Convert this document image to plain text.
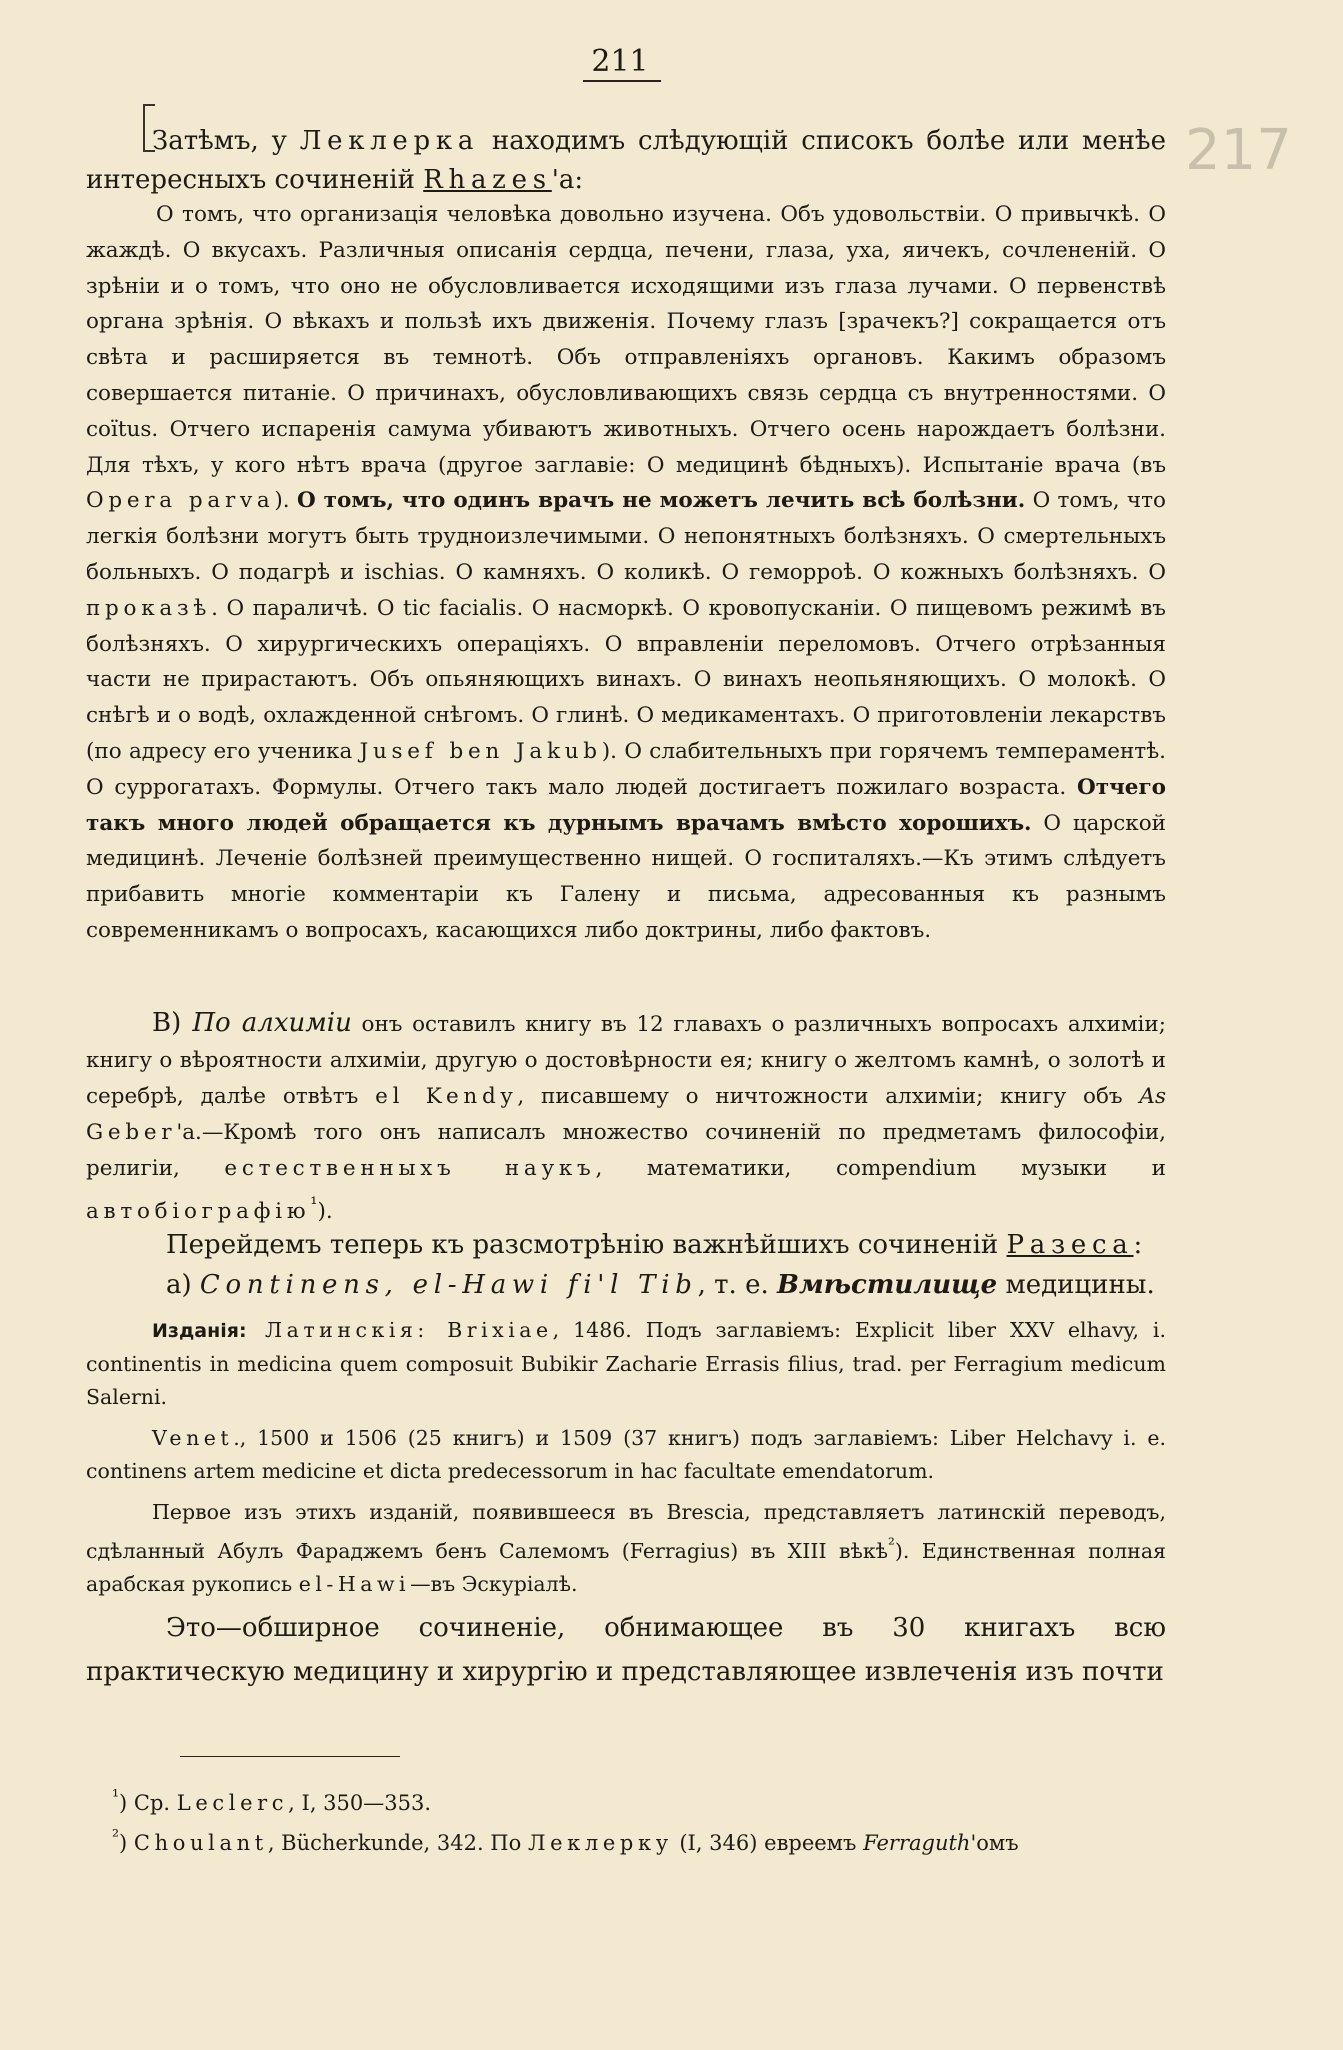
211
217

Затѣмъ, у Леклерка находимъ слѣдующій списокъ болѣе или менѣе интересныхъ сочиненій Rhazes'а:

О томъ, что организація человѣка довольно изучена. Объ удовольствіи. О привычкѣ. О жаждѣ. О вкусахъ. Различныя описанія сердца, печени, глаза, уха, яичекъ, сочлененій. О зрѣніи и о томъ, что оно не обусловливается исходящими изъ глаза лучами. О первенствѣ органа зрѣнія. О вѣкахъ и пользѣ ихъ движенія. Почему глазъ [зрачекъ?] сокращается отъ свѣта и расширяется въ темнотѣ. Объ отправленіяхъ органовъ. Какимъ образомъ совершается питаніе. О причинахъ, обусловливающихъ связь сердца съ внутренностями. О coïtus. Отчего испаренія самума убиваютъ животныхъ. Отчего осень нарождаетъ болѣзни. Для тѣхъ, у кого нѣтъ врача (другое заглавіе: О медицинѣ бѣдныхъ). Испытаніе врача (въ Opera parva). О томъ, что одинъ врачъ не можетъ лечить всѣ болѣзни. О томъ, что легкія болѣзни могутъ быть трудноизлечимыми. О непонятныхъ болѣзняхъ. О смертельныхъ больныхъ. О подагрѣ и ischias. О камняхъ. О коликѣ. О геморроѣ. О кожныхъ болѣзняхъ. О проказѣ. О параличѣ. О tic facialis. О насморкѣ. О кровопусканіи. О пищевомъ режимѣ въ болѣзняхъ. О хирургическихъ операціяхъ. О вправленіи переломовъ. Отчего отрѣзанныя части не прирастаютъ. Объ опьяняющихъ винахъ. О винахъ неопьяняющихъ. О молокѣ. О снѣгѣ и о водѣ, охлажденной снѣгомъ. О глинѣ. О медикаментахъ. О приготовленіи лекарствъ (по адресу его ученика Jusef ben Jakub). О слабительныхъ при горячемъ темпераментѣ. О суррогатахъ. Формулы. Отчего такъ мало людей достигаетъ пожилаго возраста. Отчего такъ много людей обращается къ дурнымъ врачамъ вмѣсто хорошихъ. О царской медицинѣ. Леченіе болѣзней преимущественно нищей. О госпиталяхъ.—Къ этимъ слѣдуетъ прибавить многіе комментаріи къ Галену и письма, адресованныя къ разнымъ современникамъ о вопросахъ, касающихся либо доктрины, либо фактовъ.

B) По алхиміи онъ оставилъ книгу въ 12 главахъ о различныхъ вопросахъ алхиміи; книгу о вѣроятности алхиміи, другую о достовѣрности ея; книгу о желтомъ камнѣ, о золотѣ и серебрѣ, далѣе отвѣтъ el Kendy, писавшему о ничтожности алхиміи; книгу объ As Geber'а.—Кромѣ того онъ написалъ множество сочиненій по предметамъ философіи, религіи, естественныхъ наукъ, математики, compendium музыки и автобіографію$^{^1}$).

Перейдемъ теперь къ разсмотрѣнію важнѣйшихъ сочиненій Разеса:

а) Continens, el-Hawi fi'l Tib, т. е. Вмѣстилище медицины.

Изданія: Латинскія: Brixiae, 1486. Подъ заглавіемъ: Explicit liber XXV elhavy, i. continentis in medicina quem composuit Bubikir Zacharie Errasis filius, trad. per Ferragium medicum Salerni.

Venet., 1500 и 1506 (25 книгъ) и 1509 (37 книгъ) подъ заглавіемъ: Liber Helchavy i. e. continens artem medicine et dicta predecessorum in hac facultate emendatorum.

Первое изъ этихъ изданій, появившееся въ Brescia, представляетъ латинскій переводъ, сдѣланный Абулъ Фараджемъ бенъ Салемомъ (Ferragius) въ XIII вѣкѣ$^{^2}$). Единственная полная арабская рукопись el-Hawi—въ Эскуріалѣ.

Это—обширное сочиненіе, обнимающее въ 30 книгахъ всю практическую медицину и хирургію и представляющее извлеченія изъ почти

$^{^1}$) Ср. Leclerc, I, 350—353.
$^{^2}$) Choulant, Bücherkunde, 342. По Леклерку (I, 346) евреемъ Ferraguth'омъ
